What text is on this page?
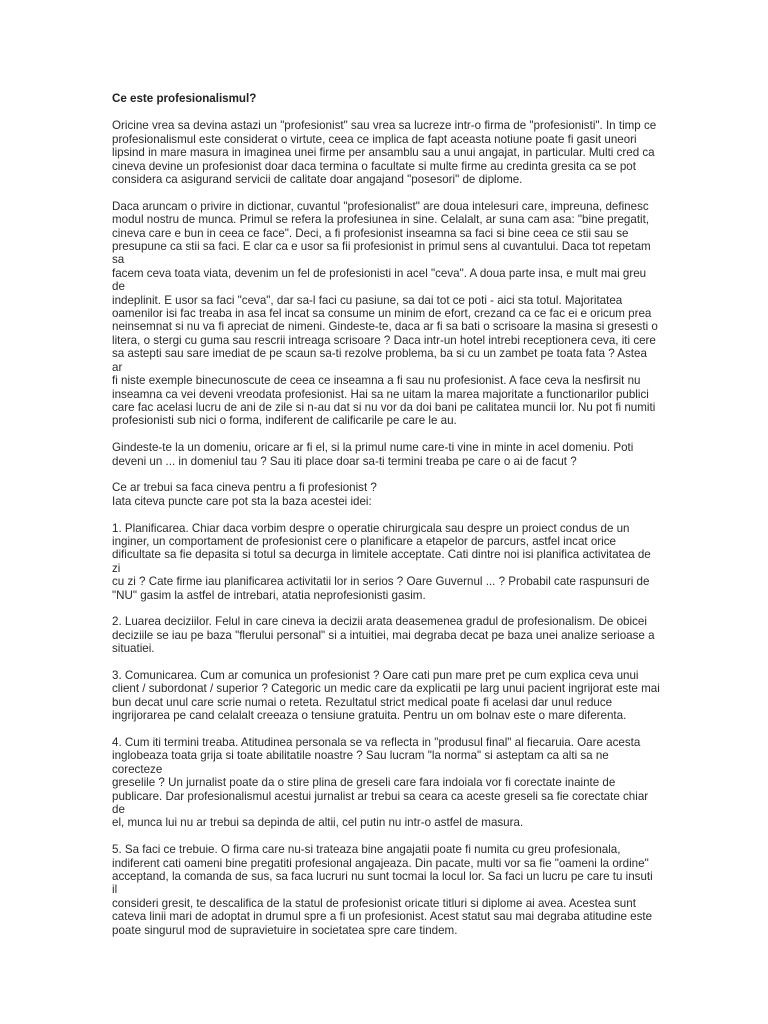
Ce este profesionalismul?

Oricine vrea sa devina astazi un "profesionist" sau vrea sa lucreze intr-o firma de "profesionisti". In timp ce
profesionalismul este considerat o virtute, ceea ce implica de fapt aceasta notiune poate fi gasit uneori
lipsind in mare masura in imaginea unei firme per ansamblu sau a unui angajat, in particular. Multi cred ca
cineva devine un profesionist doar daca termina o facultate si multe firme au credinta gresita ca se pot
considera ca asigurand servicii de calitate doar angajand "posesori" de diplome.

Daca aruncam o privire in dictionar, cuvantul "profesionalist" are doua intelesuri care, impreuna, definesc
modul nostru de munca. Primul se refera la profesiunea in sine. Celalalt, ar suna cam asa: "bine pregatit,
cineva care e bun in ceea ce face". Deci, a fi profesionist inseamna sa faci si bine ceea ce stii sau se
presupune ca stii sa faci. E clar ca e usor sa fii profesionist in primul sens al cuvantului. Daca tot repetam sa
facem ceva toata viata, devenim un fel de profesionisti in acel "ceva". A doua parte insa, e mult mai greu de
indeplinit. E usor sa faci "ceva", dar sa-l faci cu pasiune, sa dai tot ce poti - aici sta totul. Majoritatea
oamenilor isi fac treaba in asa fel incat sa consume un minim de efort, crezand ca ce fac ei e oricum prea
neinsemnat si nu va fi apreciat de nimeni. Gindeste-te, daca ar fi sa bati o scrisoare la masina si gresesti o
litera, o stergi cu guma sau rescrii intreaga scrisoare ? Daca intr-un hotel intrebi receptionera ceva, iti cere
sa astepti sau sare imediat de pe scaun sa-ti rezolve problema, ba si cu un zambet pe toata fata ? Astea ar
fi niste exemple binecunoscute de ceea ce inseamna a fi sau nu profesionist. A face ceva la nesfirsit nu
inseamna ca vei deveni vreodata profesionist. Hai sa ne uitam la marea majoritate a functionarilor publici
care fac acelasi lucru de ani de zile si n-au dat si nu vor da doi bani pe calitatea muncii lor. Nu pot fi numiti
profesionisti sub nici o forma, indiferent de calificarile pe care le au.

Gindeste-te la un domeniu, oricare ar fi el, si la primul nume care-ti vine in minte in acel domeniu. Poti
deveni un ... in domeniul tau ? Sau iti place doar sa-ti termini treaba pe care o ai de facut ?

Ce ar trebui sa faca cineva pentru a fi profesionist ?
Iata citeva puncte care pot sta la baza acestei idei:

1. Planificarea. Chiar daca vorbim despre o operatie chirurgicala sau despre un proiect condus de un
inginer, un comportament de profesionist cere o planificare a etapelor de parcurs, astfel incat orice
dificultate sa fie depasita si totul sa decurga in limitele acceptate. Cati dintre noi isi planifica activitatea de zi
cu zi ? Cate firme iau planificarea activitatii lor in serios ? Oare Guvernul ... ? Probabil cate raspunsuri de
"NU" gasim la astfel de intrebari, atatia neprofesionisti gasim.

2. Luarea deciziilor. Felul in care cineva ia decizii arata deasemenea gradul de profesionalism. De obicei
deciziile se iau pe baza "flerului personal" si a intuitiei, mai degraba decat pe baza unei analize serioase a
situatiei.

3. Comunicarea. Cum ar comunica un profesionist ? Oare cati pun mare pret pe cum explica ceva unui
client / subordonat / superior ? Categoric un medic care da explicatii pe larg unui pacient ingrijorat este mai
bun decat unul care scrie numai o reteta. Rezultatul strict medical poate fi acelasi dar unul reduce
ingrijorarea pe cand celalalt creeaza o tensiune gratuita. Pentru un om bolnav este o mare diferenta.

4. Cum iti termini treaba. Atitudinea personala se va reflecta in "produsul final" al fiecaruia. Oare acesta
inglobeaza toata grija si toate abilitatile noastre ? Sau lucram "la norma" si asteptam ca alti sa ne corecteze
greselile ? Un jurnalist poate da o stire plina de greseli care fara indoiala vor fi corectate inainte de
publicare. Dar profesionalismul acestui jurnalist ar trebui sa ceara ca aceste greseli sa fie corectate chiar de
el, munca lui nu ar trebui sa depinda de altii, cel putin nu intr-o astfel de masura.

5. Sa faci ce trebuie. O firma care nu-si trateaza bine angajatii poate fi numita cu greu profesionala,
indiferent cati oameni bine pregatiti profesional angajeaza. Din pacate, multi vor sa fie "oameni la ordine"
acceptand, la comanda de sus, sa faca lucruri nu sunt tocmai la locul lor. Sa faci un lucru pe care tu insuti il
consideri gresit, te descalifica de la statul de profesionist oricate titluri si diplome ai avea. Acestea sunt
cateva linii mari de adoptat in drumul spre a fi un profesionist. Acest statut sau mai degraba atitudine este
poate singurul mod de supravietuire in societatea spre care tindem.
